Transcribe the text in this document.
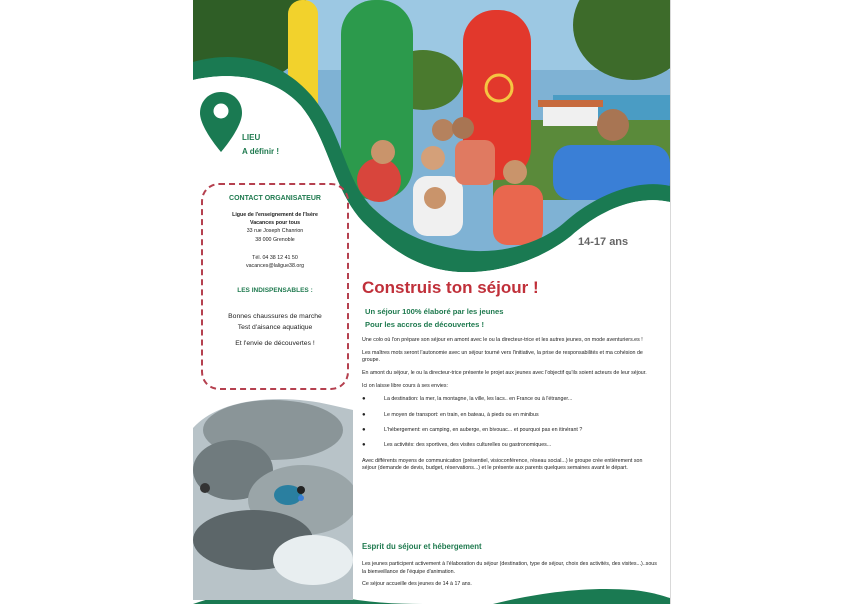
LIEU
A définir !
CONTACT ORGANISATEUR
Ligue de l'enseignement de l'Isère
Vacances pour tous
33 rue Joseph Chanrion
38 000 Grenoble
Tél. 04 38 12 41 50
vacances@laligue38.org
LES INDISPENSABLES :
Bonnes chaussures de marche
Test d'aisance aquatique
Et l'envie de découvertes !
14-17 ans
Construis ton séjour !
Un séjour 100% élaboré par les jeunes
Pour les accros de découvertes !

Une colo où l'on prépare son séjour en amont avec le ou la directeur-trice et les autres jeunes, on mode aventuriers.es !

Les maîtres mots seront l'autonomie avec un séjour tourné vers l'initiative, la prise de responsabilités et ma cohésion de groupe.

En amont du séjour, le ou la directeur-trice présente le projet aux jeunes avec l'objectif qu'ils soient acteurs de leur séjour.

Ici on laisse libre cours à ses envies:

●	La destination: la mer, la montagne, la ville, les lacs.. en France ou à l'étranger...
●	Le moyen de transport: en train, en bateau, à pieds ou en minibus
●	L'hébergement: en camping, en auberge, en bivouac... et pourquoi pas en itinérant ?
●	Les activités: des sportives, des visites culturelles ou gastronomiques...

Avec différents moyens de communication (présentiel, visioconférence, réseau social...) le groupe crée entièrement son séjour (demande de devis, budget, réservations...) et le présente aux parents quelques semaines avant le départ.

Esprit du séjour et hébergement

Les jeunes participent activement à l'élaboration du séjour (destination, type de séjour, choix des activités, des visites...)..sous la bienveillance de l'équipe d'animation.

Ce séjour accueille des jeunes de 14 à 17 ans.
